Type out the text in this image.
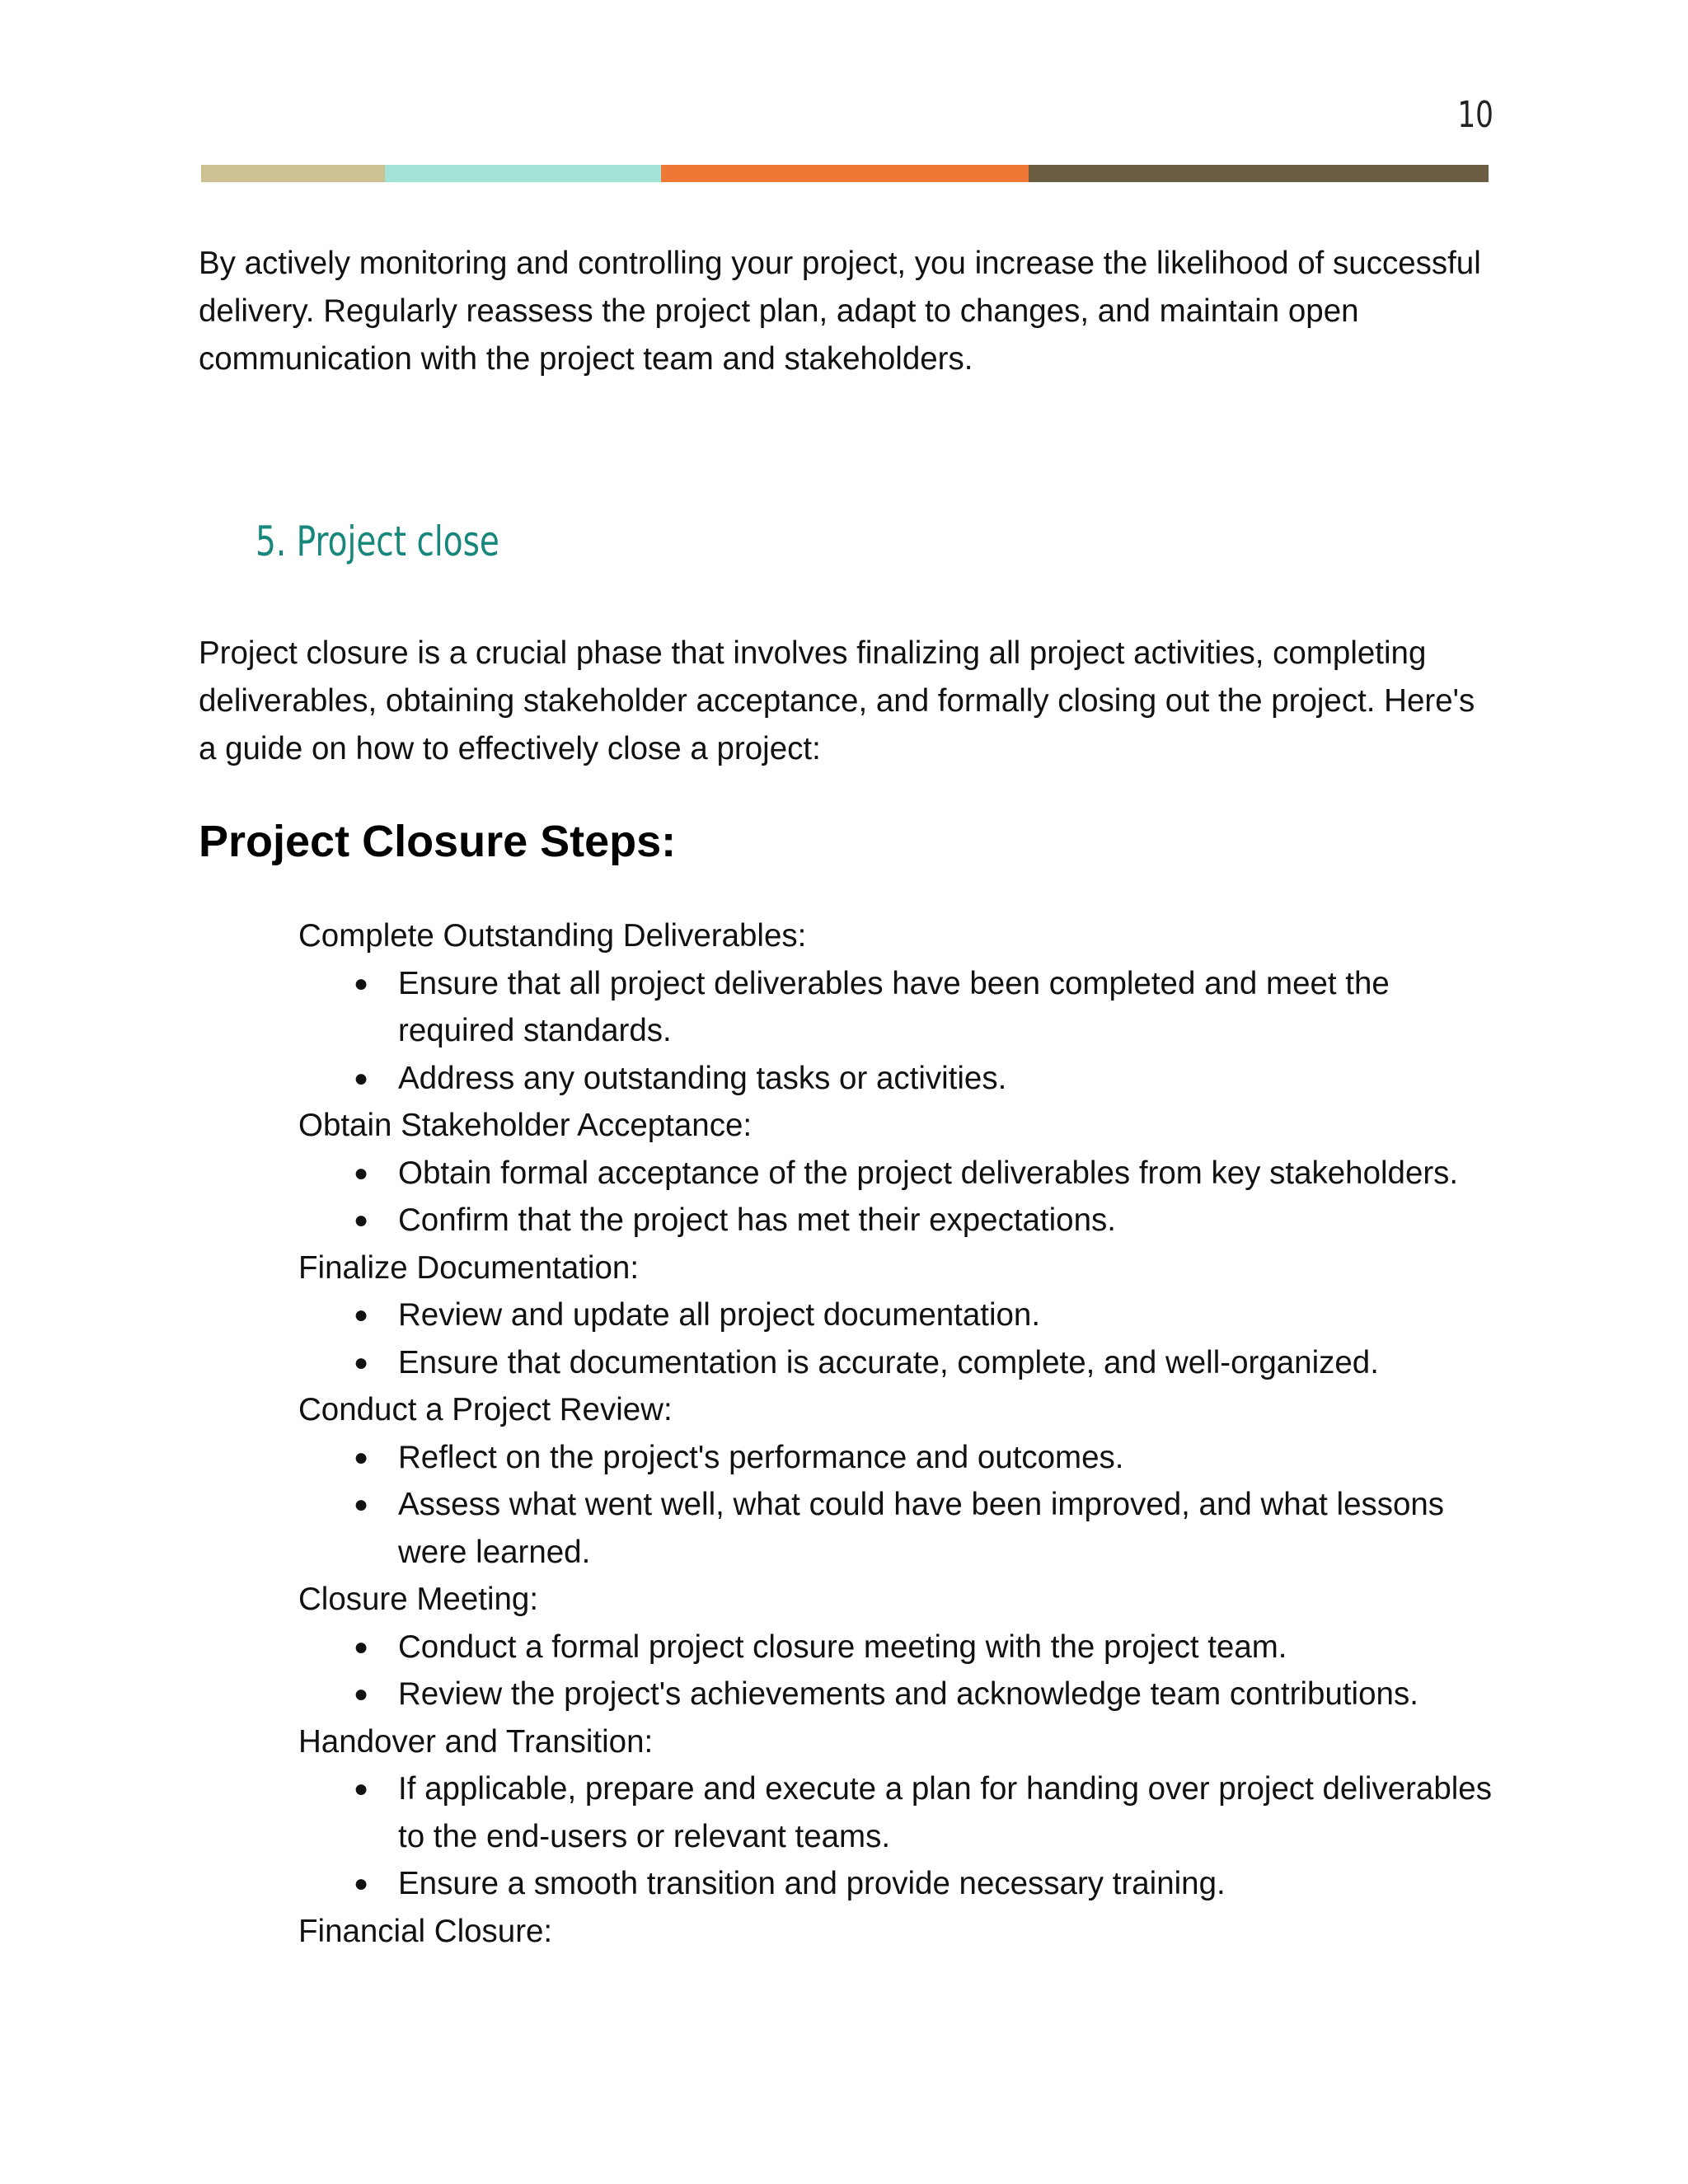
10

By actively monitoring and controlling your project, you increase the likelihood of successful delivery. Regularly reassess the project plan, adapt to changes, and maintain open communication with the project team and stakeholders.

5. Project close

Project closure is a crucial phase that involves finalizing all project activities, completing deliverables, obtaining stakeholder acceptance, and formally closing out the project. Here's a guide on how to effectively close a project:

Project Closure Steps:
Complete Outstanding Deliverables:
● Ensure that all project deliverables have been completed and meet the required standards.
● Address any outstanding tasks or activities.
Obtain Stakeholder Acceptance:
● Obtain formal acceptance of the project deliverables from key stakeholders.
● Confirm that the project has met their expectations.
Finalize Documentation:
● Review and update all project documentation.
● Ensure that documentation is accurate, complete, and well-organized.
Conduct a Project Review:
● Reflect on the project's performance and outcomes.
● Assess what went well, what could have been improved, and what lessons were learned.
Closure Meeting:
● Conduct a formal project closure meeting with the project team.
● Review the project's achievements and acknowledge team contributions.
Handover and Transition:
● If applicable, prepare and execute a plan for handing over project deliverables to the end-users or relevant teams.
● Ensure a smooth transition and provide necessary training.
Financial Closure:
